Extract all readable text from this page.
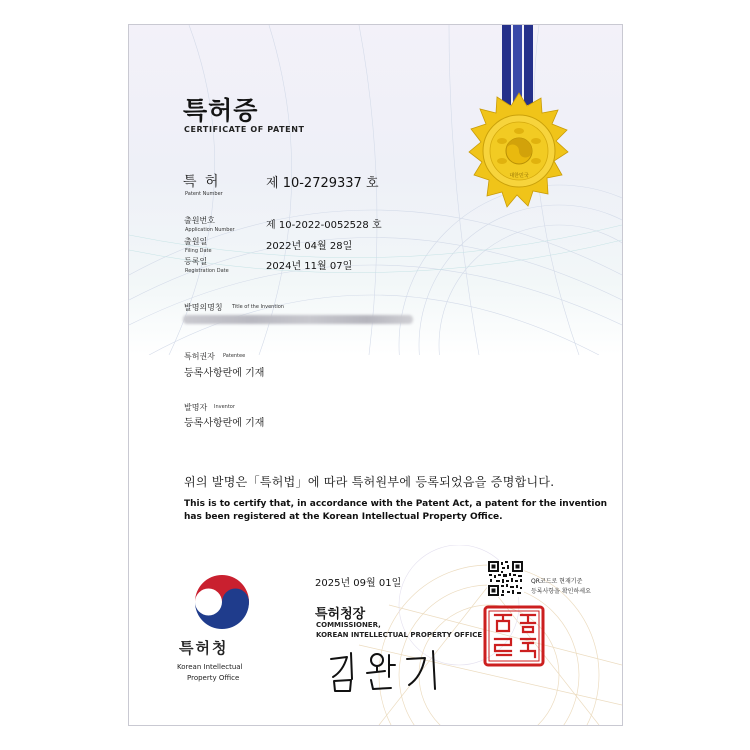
대한민국
특허증
CERTIFICATE OF PATENT
특 허
Patent Number
제 10-2729337 호
출원번호
Application Number	제 10-2022-0052528 호
출원일
Filing Date	2022년 04월 28일
등록일
Registration Date	2024년 11월 07일
발명의명칭 Title of the Invention
특허권자 Patentee
등록사항란에 기재
발명자 Inventor
등록사항란에 기재
위의 발명은「특허법」에 따라 특허원부에 등록되었음을 증명합니다.
This is to certify that, in accordance with the Patent Act, a patent for the invention
has been registered at the Korean Intellectual Property Office.
2025년 09월 01일
특허청장
COMMISSIONER,
KOREAN INTELLECTUAL PROPERTY OFFICE
특허청
Korean Intellectual
Property Office
QR코드로 현재기준
등록사항을 확인하세요
